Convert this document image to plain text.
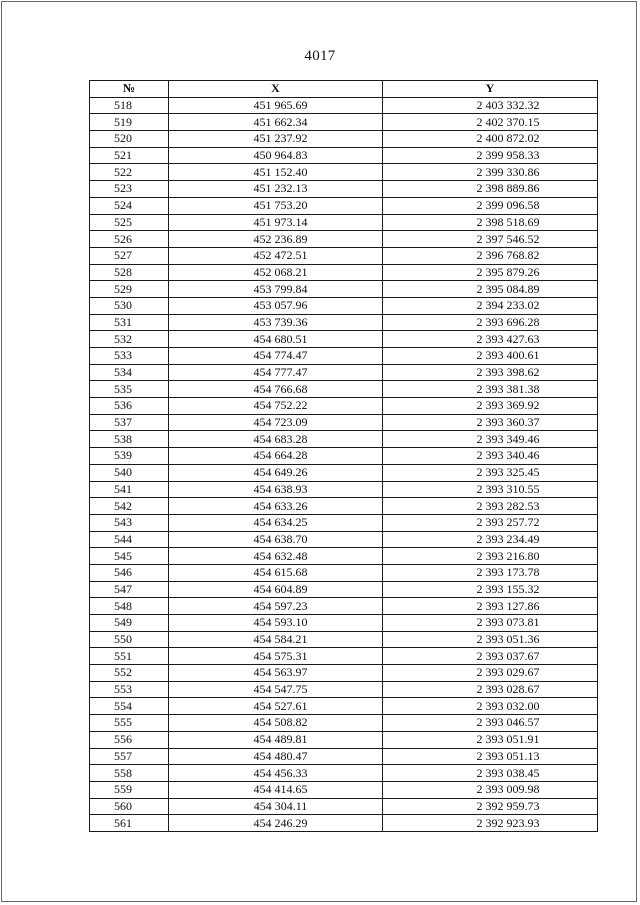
4017
№	X	Y
518	451 965.69	2 403 332.32
519	451 662.34	2 402 370.15
520	451 237.92	2 400 872.02
521	450 964.83	2 399 958.33
522	451 152.40	2 399 330.86
523	451 232.13	2 398 889.86
524	451 753.20	2 399 096.58
525	451 973.14	2 398 518.69
526	452 236.89	2 397 546.52
527	452 472.51	2 396 768.82
528	452 068.21	2 395 879.26
529	453 799.84	2 395 084.89
530	453 057.96	2 394 233.02
531	453 739.36	2 393 696.28
532	454 680.51	2 393 427.63
533	454 774.47	2 393 400.61
534	454 777.47	2 393 398.62
535	454 766.68	2 393 381.38
536	454 752.22	2 393 369.92
537	454 723.09	2 393 360.37
538	454 683.28	2 393 349.46
539	454 664.28	2 393 340.46
540	454 649.26	2 393 325.45
541	454 638.93	2 393 310.55
542	454 633.26	2 393 282.53
543	454 634.25	2 393 257.72
544	454 638.70	2 393 234.49
545	454 632.48	2 393 216.80
546	454 615.68	2 393 173.78
547	454 604.89	2 393 155.32
548	454 597.23	2 393 127.86
549	454 593.10	2 393 073.81
550	454 584.21	2 393 051.36
551	454 575.31	2 393 037.67
552	454 563.97	2 393 029.67
553	454 547.75	2 393 028.67
554	454 527.61	2 393 032.00
555	454 508.82	2 393 046.57
556	454 489.81	2 393 051.91
557	454 480.47	2 393 051.13
558	454 456.33	2 393 038.45
559	454 414.65	2 393 009.98
560	454 304.11	2 392 959.73
561	454 246.29	2 392 923.93
